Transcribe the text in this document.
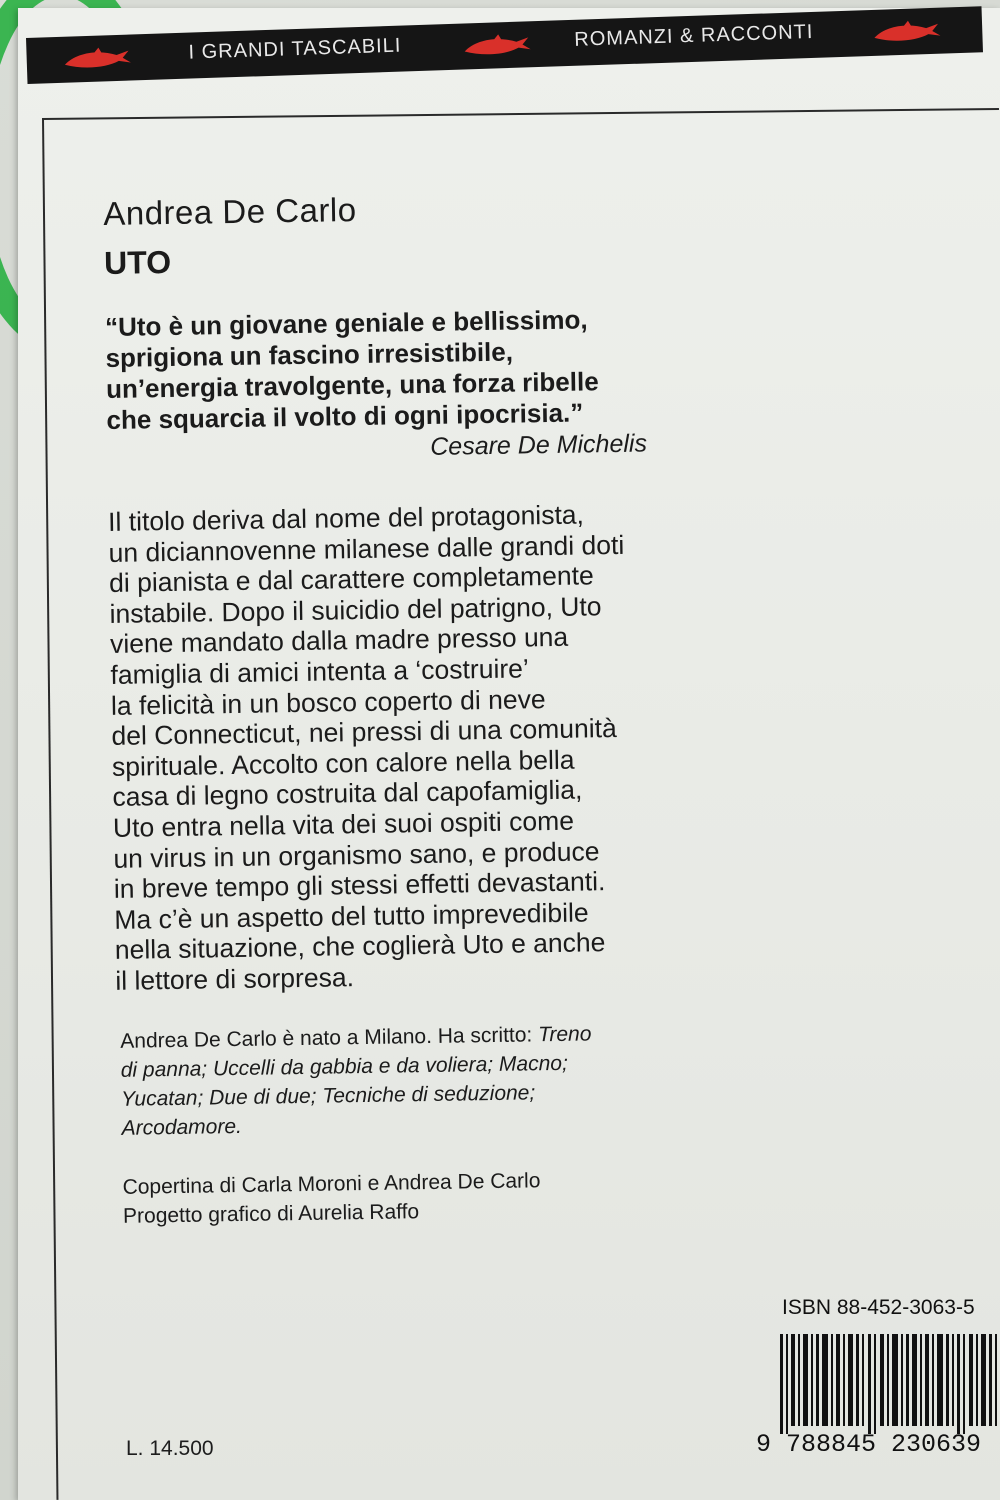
I GRANDI TASCABILI	ROMANZI & RACCONTI

Andrea De Carlo

UTO

“Uto è un giovane geniale e bellissimo,
sprigiona un fascino irresistibile,
un’energia travolgente, una forza ribelle
che squarcia il volto di ogni ipocrisia.”
Cesare De Michelis
Il titolo deriva dal nome del protagonista,
un diciannovenne milanese dalle grandi doti
di pianista e dal carattere completamente
instabile. Dopo il suicidio del patrigno, Uto
viene mandato dalla madre presso una
famiglia di amici intenta a ‘costruire’
la felicità in un bosco coperto di neve
del Connecticut, nei pressi di una comunità
spirituale. Accolto con calore nella bella
casa di legno costruita dal capofamiglia,
Uto entra nella vita dei suoi ospiti come
un virus in un organismo sano, e produce
in breve tempo gli stessi effetti devastanti.
Ma c’è un aspetto del tutto imprevedibile
nella situazione, che coglierà Uto e anche
il lettore di sorpresa.
Andrea De Carlo è nato a Milano. Ha scritto: Treno
di panna; Uccelli da gabbia e da voliera; Macno;
Yucatan; Due di due; Tecniche di seduzione;
Arcodamore.
Copertina di Carla Moroni e Andrea De Carlo
Progetto grafico di Aurelia Raffo
L. 14.500
ISBN 88-452-3063-5
9 788845 230639
